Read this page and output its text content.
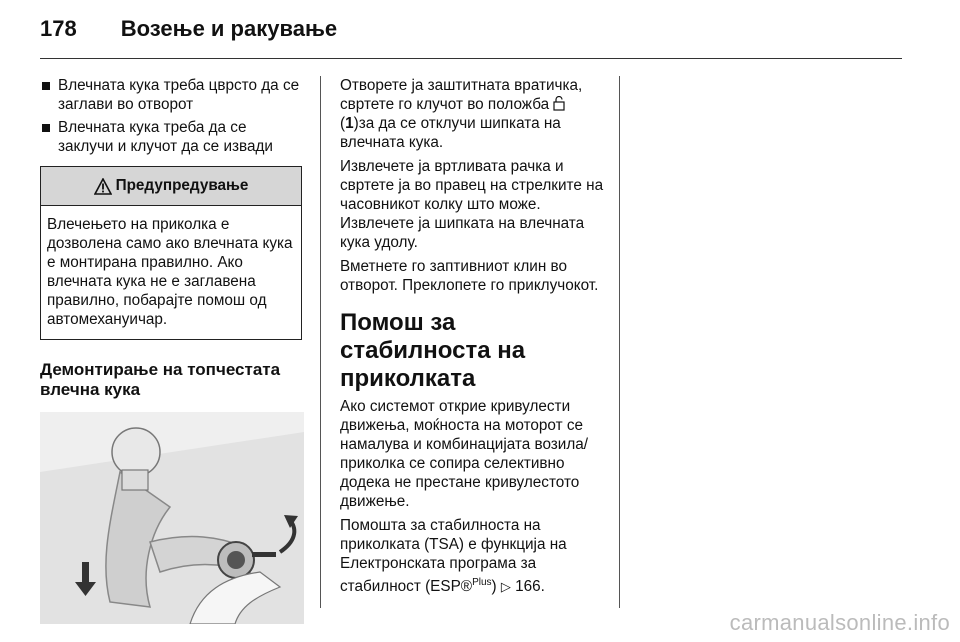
178 Возење и ракување
Влечната кука треба цврсто да се заглави во отворот
Влечната кука треба да се заклучи и клучот да се извади
Предупредување
Влечењето на приколка е дозволена само ако влечната кука е монтирана правилно. Ако влечната кука не е заглавена правилно, побарајте помош од автомехануичар.
Демонтирање на топчестата влечна кука

Отворете ја заштитната вратичка, свртете го клучот во положба
(1)за да се отклучи шипката на влечната кука.

Извлечете ја вртливата рачка и свртете ја во правец на стрелките на часовникот колку што може. Извлечете ја шипката на влечната кука удолу.

Вметнете го заптивниот клин во отворот. Преклопете го приклучокот.

Помош за стабилноста на приколката

Ако системот открие кривулести движења, моќноста на моторот се намалува и комбинацијата возила/ приколка се сопира селективно додека не престане кривулестото движење.

Помошта за стабилноста на приколката (TSA) е функција на Електронската програма за стабилност (ESP®$^{Plus}$) ▷ 166.

carmanualsonline.info
